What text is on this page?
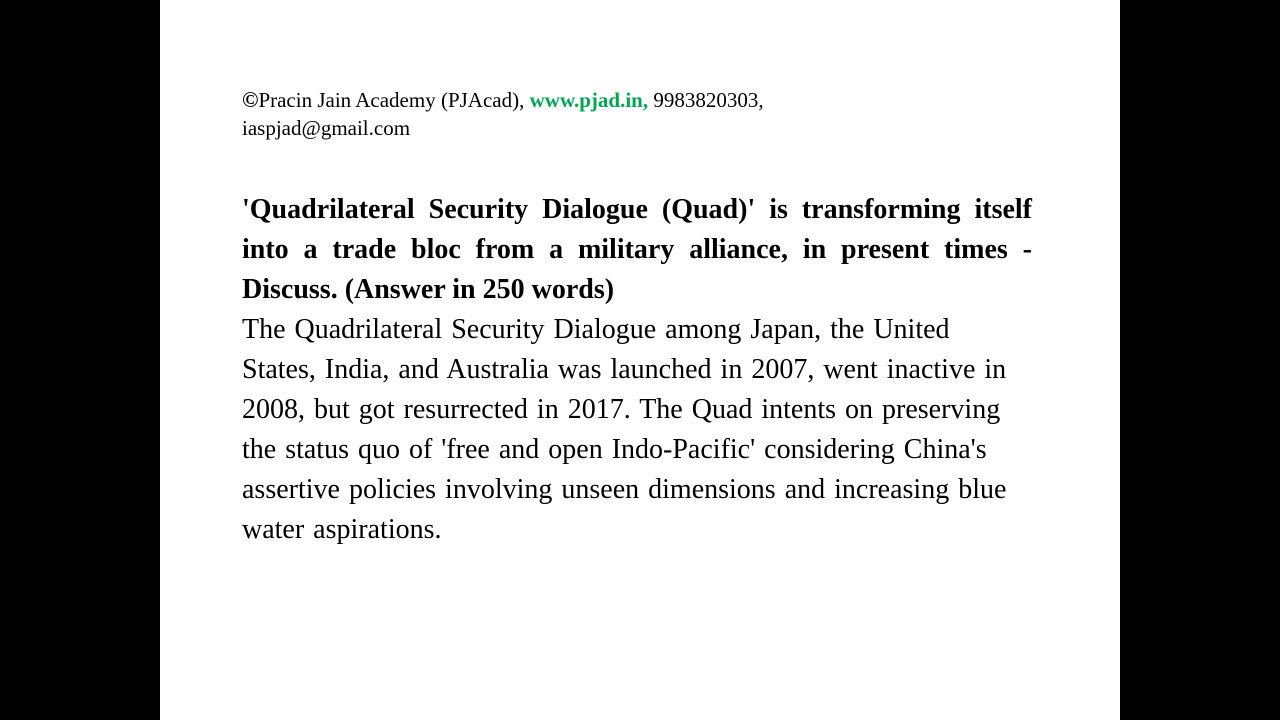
©Pracin Jain Academy (PJAcad), www.pjad.in, 9983820303,
iaspjad@gmail.com

'Quadrilateral Security Dialogue (Quad)' is transforming itself into a trade bloc from a military alliance, in present times - Discuss. (Answer in 250 words)

The Quadrilateral Security Dialogue among Japan, the United States, India, and Australia was launched in 2007, went inactive in 2008, but got resurrected in 2017. The Quad intents on preserving the status quo of 'free and open Indo-Pacific' considering China's assertive policies involving unseen dimensions and increasing blue water aspirations.
